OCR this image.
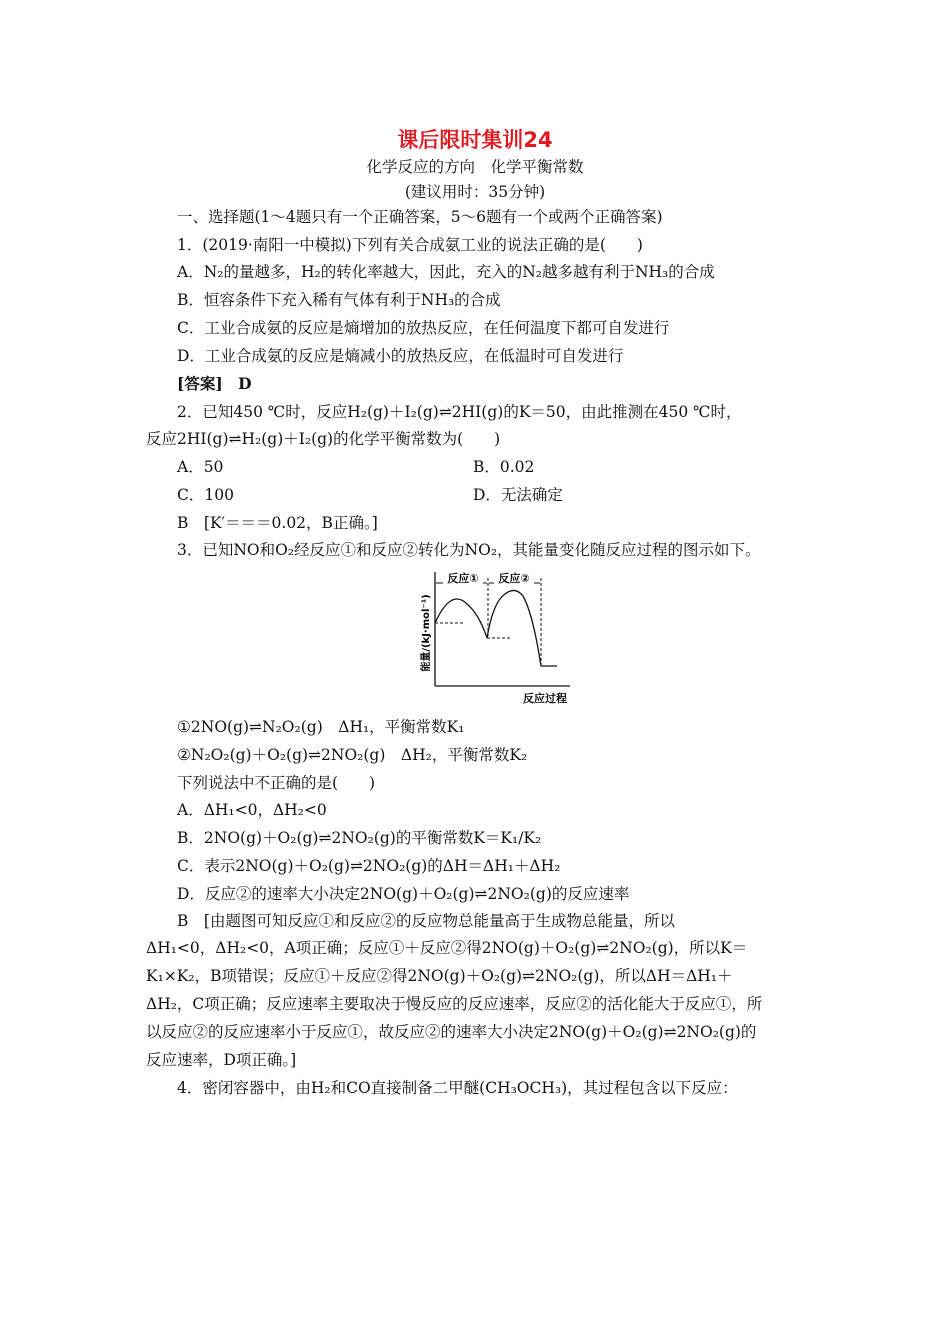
课后限时集训24
化学反应的方向　化学平衡常数
(建议用时：35分钟)
一、选择题(1～4题只有一个正确答案，5～6题有一个或两个正确答案)
1．(2019·南阳一中模拟)下列有关合成氨工业的说法正确的是(　　)
A．N₂的量越多，H₂的转化率越大，因此，充入的N₂越多越有利于NH₃的合成
B．恒容条件下充入稀有气体有利于NH₃的合成
C．工业合成氨的反应是熵增加的放热反应，在任何温度下都可自发进行
D．工业合成氨的反应是熵减小的放热反应，在低温时可自发进行
[答案]　D
2．已知450 ℃时，反应H₂(g)＋I₂(g)⇌2HI(g)的K＝50，由此推测在450 ℃时，
反应2HI(g)⇌H₂(g)＋I₂(g)的化学平衡常数为(　　)
A．50	B．0.02
C．100	D．无法确定
B　[K′＝＝＝0.02，B正确。]
3．已知NO和O₂经反应①和反应②转化为NO₂，其能量变化随反应过程的图示如下。
反应① 反应②
能量/(kJ·mol⁻¹)
反应过程
①2NO(g)⇌N₂O₂(g)　ΔH₁，平衡常数K₁
②N₂O₂(g)＋O₂(g)⇌2NO₂(g)　ΔH₂，平衡常数K₂
下列说法中不正确的是(　　)
A．ΔH₁<0，ΔH₂<0
B．2NO(g)＋O₂(g)⇌2NO₂(g)的平衡常数K＝K₁/K₂
C．表示2NO(g)＋O₂(g)⇌2NO₂(g)的ΔH＝ΔH₁＋ΔH₂
D．反应②的速率大小决定2NO(g)＋O₂(g)⇌2NO₂(g)的反应速率
B　[由题图可知反应①和反应②的反应物总能量高于生成物总能量，所以
ΔH₁<0，ΔH₂<0，A项正确；反应①＋反应②得2NO(g)＋O₂(g)⇌2NO₂(g)，所以K＝
K₁×K₂，B项错误；反应①＋反应②得2NO(g)＋O₂(g)⇌2NO₂(g)，所以ΔH＝ΔH₁＋
ΔH₂，C项正确；反应速率主要取决于慢反应的反应速率，反应②的活化能大于反应①，所
以反应②的反应速率小于反应①，故反应②的速率大小决定2NO(g)＋O₂(g)⇌2NO₂(g)的
反应速率，D项正确。]
4．密闭容器中，由H₂和CO直接制备二甲醚(CH₃OCH₃)，其过程包含以下反应：
